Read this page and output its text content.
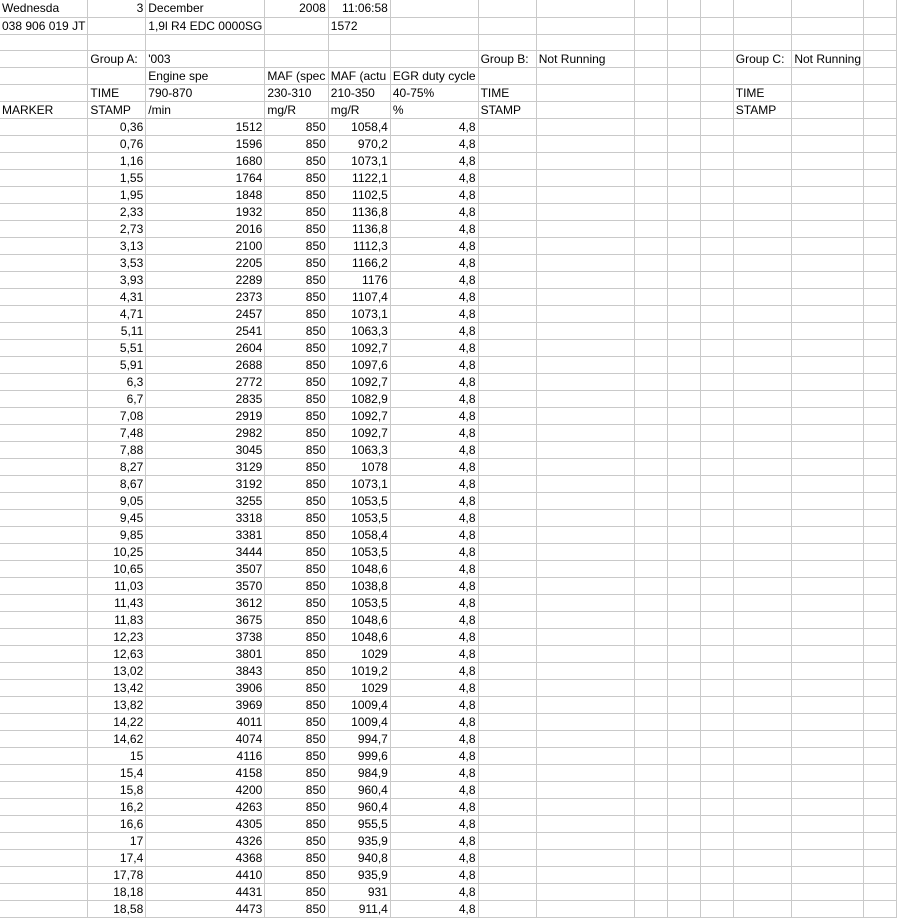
Wednesda	3	December	2008	11:06:58									
038 906 019 JT		1,9l R4 EDC 0000SG		1572									

	Group A:	'003				Group B:	Not Running				Group C:	Not Running	
		Engine spe	MAF (spec	MAF (actu	EGR duty cycle								
	TIME	790-870	230-310	210-350	40-75%	TIME					TIME		
MARKER	STAMP	/min	mg/R	mg/R	%	STAMP					STAMP		
	0,36	1512	850	1058,4	4,8								
	0,76	1596	850	970,2	4,8								
	1,16	1680	850	1073,1	4,8								
	1,55	1764	850	1122,1	4,8								
	1,95	1848	850	1102,5	4,8								
	2,33	1932	850	1136,8	4,8								
	2,73	2016	850	1136,8	4,8								
	3,13	2100	850	1112,3	4,8								
	3,53	2205	850	1166,2	4,8								
	3,93	2289	850	1176	4,8								
	4,31	2373	850	1107,4	4,8								
	4,71	2457	850	1073,1	4,8								
	5,11	2541	850	1063,3	4,8								
	5,51	2604	850	1092,7	4,8								
	5,91	2688	850	1097,6	4,8								
	6,3	2772	850	1092,7	4,8								
	6,7	2835	850	1082,9	4,8								
	7,08	2919	850	1092,7	4,8								
	7,48	2982	850	1092,7	4,8								
	7,88	3045	850	1063,3	4,8								
	8,27	3129	850	1078	4,8								
	8,67	3192	850	1073,1	4,8								
	9,05	3255	850	1053,5	4,8								
	9,45	3318	850	1053,5	4,8								
	9,85	3381	850	1058,4	4,8								
	10,25	3444	850	1053,5	4,8								
	10,65	3507	850	1048,6	4,8								
	11,03	3570	850	1038,8	4,8								
	11,43	3612	850	1053,5	4,8								
	11,83	3675	850	1048,6	4,8								
	12,23	3738	850	1048,6	4,8								
	12,63	3801	850	1029	4,8								
	13,02	3843	850	1019,2	4,8								
	13,42	3906	850	1029	4,8								
	13,82	3969	850	1009,4	4,8								
	14,22	4011	850	1009,4	4,8								
	14,62	4074	850	994,7	4,8								
	15	4116	850	999,6	4,8								
	15,4	4158	850	984,9	4,8								
	15,8	4200	850	960,4	4,8								
	16,2	4263	850	960,4	4,8								
	16,6	4305	850	955,5	4,8								
	17	4326	850	935,9	4,8								
	17,4	4368	850	940,8	4,8								
	17,78	4410	850	935,9	4,8								
	18,18	4431	850	931	4,8								
	18,58	4473	850	911,4	4,8								
